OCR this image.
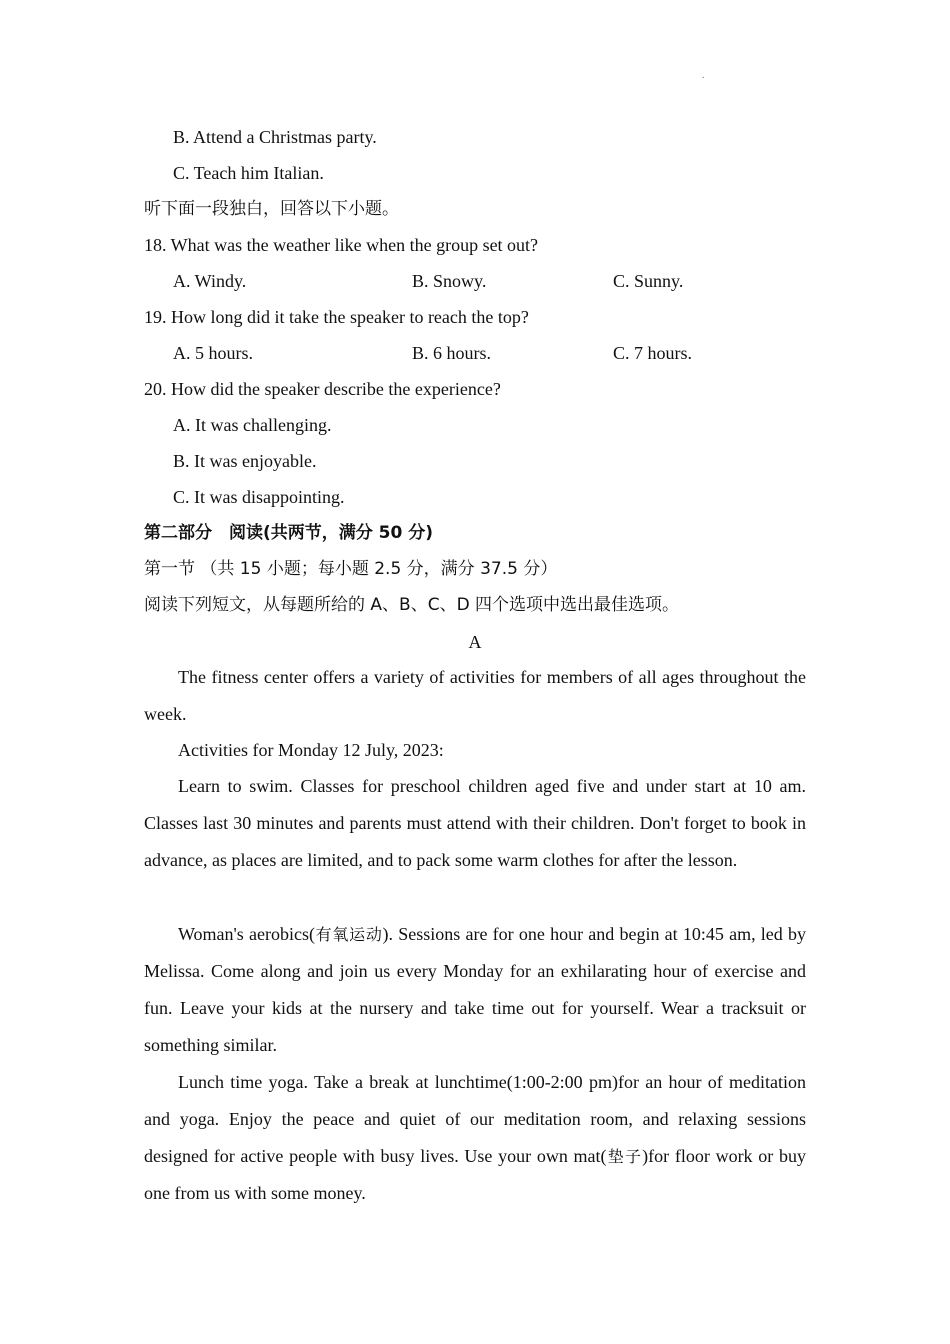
.
B. Attend a Christmas party.
C. Teach him Italian.
听下面一段独白，回答以下小题。
18. What was the weather like when the group set out?
A. Windy.	B. Snowy.	C. Sunny.
19. How long did it take the speaker to reach the top?
A. 5 hours.	B. 6 hours.	C. 7 hours.
20. How did the speaker describe the experience?
A. It was challenging.
B. It was enjoyable.
C. It was disappointing.
第二部分　阅读(共两节，满分 50 分)
第一节 （共 15 小题；每小题 2.5 分，满分 37.5 分）
阅读下列短文，从每题所给的 A、B、C、D 四个选项中选出最佳选项。
A

The fitness center offers a variety of activities for members of all ages throughout the week.

Activities for Monday 12 July, 2023:

Learn to swim. Classes for preschool children aged five and under start at 10 am. Classes last 30 minutes and parents must attend with their children. Don't forget to book in advance, as places are limited, and to pack some warm clothes for after the lesson.

Woman's aerobics(有氧运动). Sessions are for one hour and begin at 10:45 am, led by Melissa. Come along and join us every Monday for an exhilarating hour of exercise and fun. Leave your kids at the nursery and take time out for yourself. Wear a tracksuit or something similar.

Lunch time yoga. Take a break at lunchtime(1:00-2:00 pm)for an hour of meditation and yoga. Enjoy the peace and quiet of our meditation room, and relaxing sessions designed for active people with busy lives. Use your own mat(垫子)for floor work or buy one from us with some money.
